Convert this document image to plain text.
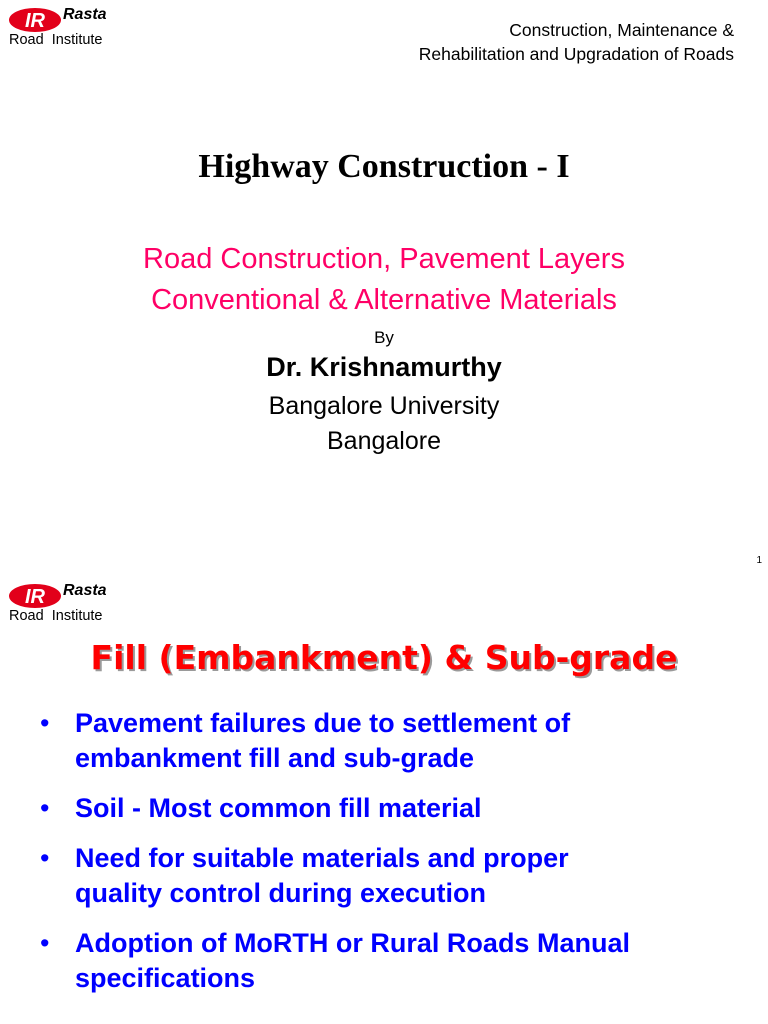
IR Rasta
Road  Institute	Construction, Maintenance &
Rehabilitation and Upgradation of Roads
Highway Construction - I
Road Construction, Pavement Layers
Conventional & Alternative Materials
By
Dr. Krishnamurthy
Bangalore University
Bangalore
1
IR Rasta
Road  Institute
Fill (Embankment) & Sub-grade
• Pavement failures due to settlement of
embankment fill and sub-grade
• Soil - Most common fill material
• Need for suitable materials and proper
quality control during execution
• Adoption of MoRTH or Rural Roads Manual
specifications
